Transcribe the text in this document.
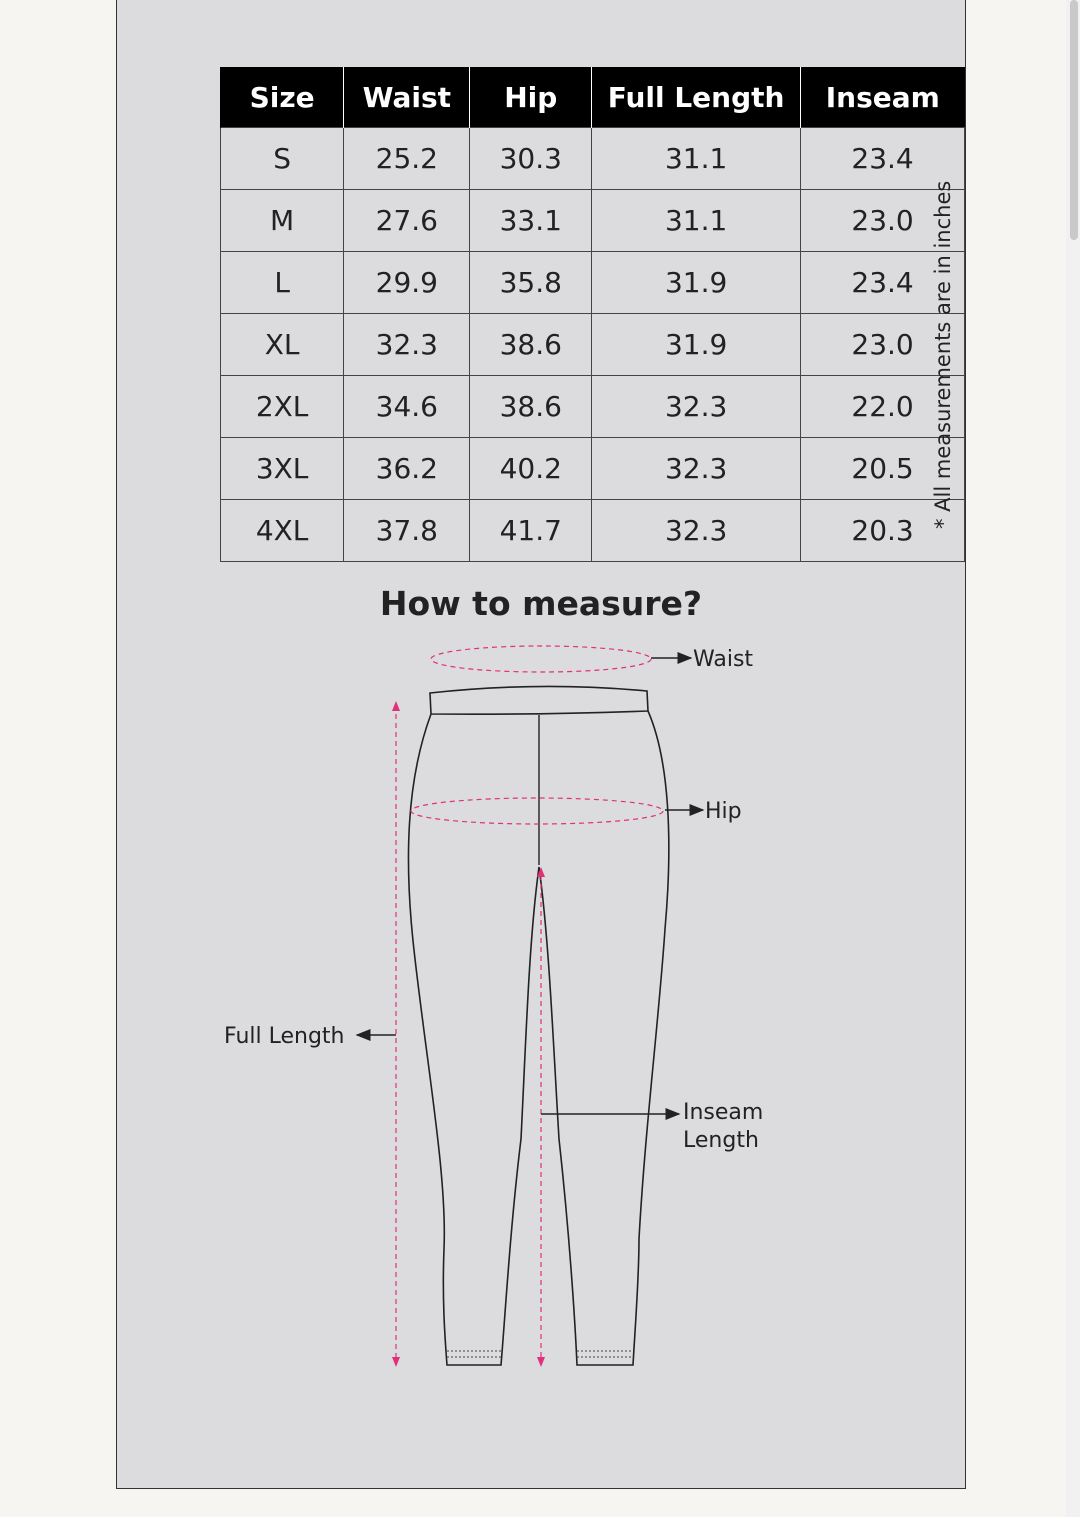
Size	Waist	Hip	Full Length	Inseam
S	25.2	30.3	31.1	23.4
M	27.6	33.1	31.1	23.0
L	29.9	35.8	31.9	23.4
XL	32.3	38.6	31.9	23.0
2XL	34.6	38.6	32.3	22.0
3XL	36.2	40.2	32.3	20.5
4XL	37.8	41.7	32.3	20.3
* All measurements are in inches
How to measure?
Waist
Hip
Full Length
Inseam
Length
